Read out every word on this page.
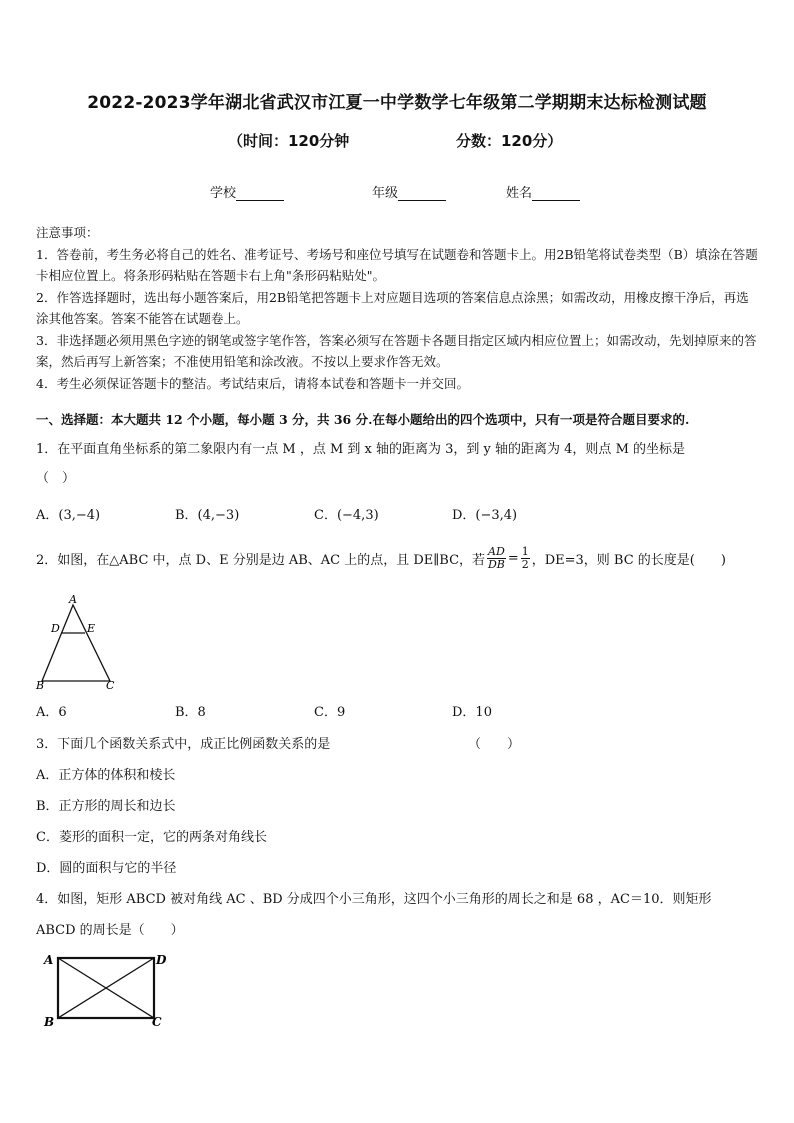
2022-2023学年湖北省武汉市江夏一中学数学七年级第二学期期末达标检测试题
（时间：120分钟	分数：120分）
学校	年级	姓名
注意事项：
1．答卷前，考生务必将自己的姓名、准考证号、考场号和座位号填写在试题卷和答题卡上。用2B铅笔将试卷类型（B）填涂在答题卡相应位置上。将条形码粘贴在答题卡右上角"条形码粘贴处"。
2．作答选择题时，选出每小题答案后，用2B铅笔把答题卡上对应题目选项的答案信息点涂黑；如需改动，用橡皮擦干净后，再选涂其他答案。答案不能答在试题卷上。
3．非选择题必须用黑色字迹的钢笔或签字笔作答，答案必须写在答题卡各题目指定区域内相应位置上；如需改动，先划掉原来的答案，然后再写上新答案；不准使用铅笔和涂改液。不按以上要求作答无效。
4．考生必须保证答题卡的整洁。考试结束后，请将本试卷和答题卡一并交回。
一、选择题：本大题共 12 个小题，每小题 3 分，共 36 分.在每小题给出的四个选项中，只有一项是符合题目要求的.
1．在平面直角坐标系的第二象限内有一点 M ，点 M 到 x 轴的距离为 3，到 y 轴的距离为 4，则点 M 的坐标是
（　）
A．(3,−4)	B．(4,−3)	C．(−4,3)	D．(−3,4)
2．如图，在△ABC 中，点 D、E 分别是边 AB、AC 上的点，且 DE∥BC，若 $\frac{AD}{DB} = \frac{1}{2}$ ，DE=3，则 BC 的长度是(　　)
A
D E
B	C
A．6	B．8	C．9	D．10
3．下面几个函数关系式中，成正比例函数关系的是	（　　）
A．正方体的体积和棱长
B．正方形的周长和边长
C．菱形的面积一定，它的两条对角线长
D．圆的面积与它的半径
4．如图，矩形 ABCD 被对角线 AC 、BD 分成四个小三角形，这四个小三角形的周长之和是 68 ，AC＝10．则矩形
ABCD 的周长是（　　）
A	D
B	C
